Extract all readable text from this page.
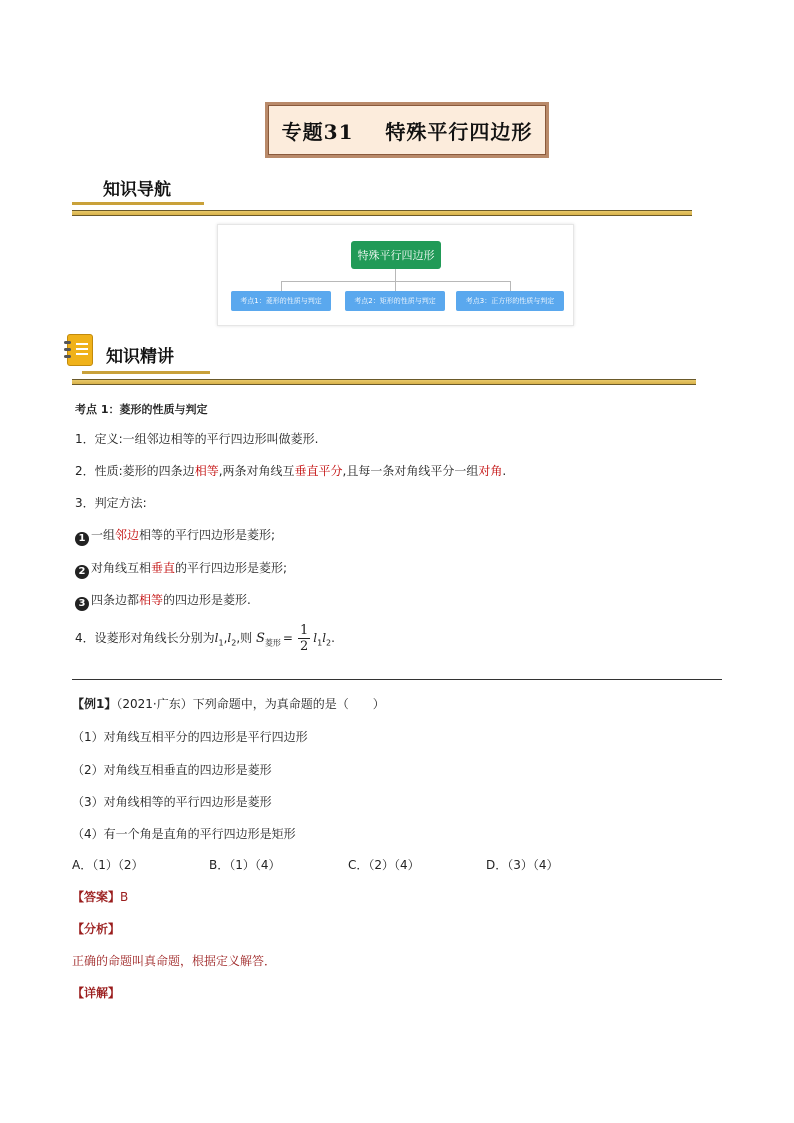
专题31    特殊平行四边形
知识导航
特殊平行四边形
考点1：菱形的性质与判定	考点2：矩形的性质与判定	考点3：正方形的性质与判定
知识精讲
考点 1：菱形的性质与判定
1．定义:一组邻边相等的平行四边形叫做菱形.
2．性质:菱形的四条边相等,两条对角线互垂直平分,且每一条对角线平分一组对角.
3．判定方法:
1 一组邻边相等的平行四边形是菱形;
2 对角线互相垂直的平行四边形是菱形;
3 四条边都相等的四边形是菱形.
4．设菱形对角线长分别为$l_1,l_2$,则 $S_{菱形} = \frac{1}{2} l_1l_2$.
【例1】（2021·广东）下列命题中，为真命题的是（　　）
（1）对角线互相平分的四边形是平行四边形
（2）对角线互相垂直的四边形是菱形
（3）对角线相等的平行四边形是菱形
（4）有一个角是直角的平行四边形是矩形
A．（1）（2）	B．（1）（4）	C．（2）（4）	D．（3）（4）
【答案】B
【分析】
正确的命题叫真命题，根据定义解答．
【详解】
